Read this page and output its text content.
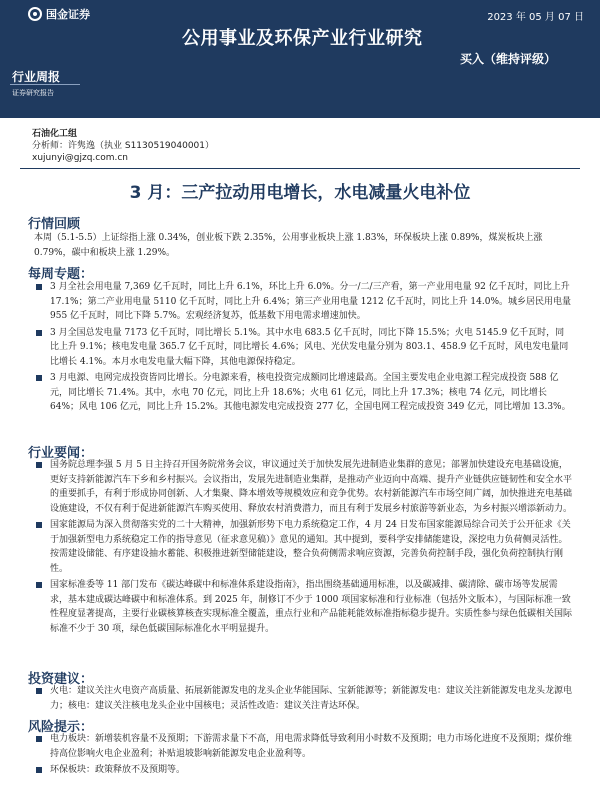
国金证券
公用事业及环保产业行业研究
2023 年 05 月 07 日
买入（维持评级）
行业周报
证券研究报告
石油化工组
分析师：许隽逸（执业 S1130519040001）
xujunyi@gjzq.com.cn
3 月：三产拉动用电增长，水电减量火电补位
行情回顾
本周（5.1-5.5）上证综指上涨 0.34%，创业板下跌 2.35%，公用事业板块上涨 1.83%，环保板块上涨 0.89%，煤炭板块上涨 0.79%，碳中和板块上涨 1.29%。
每周专题：
3 月全社会用电量 7,369 亿千瓦时，同比上升 6.1%，环比上升 6.0%。分一/二/三产看，第一产业用电量 92 亿千瓦时，同比上升 17.1%；第二产业用电量 5110 亿千瓦时，同比上升 6.4%；第三产业用电量 1212 亿千瓦时，同比上升 14.0%。城乡居民用电量 955 亿千瓦时，同比下降 5.7%。宏观经济复苏，低基数下用电需求增速加快。
3 月全国总发电量 7173 亿千瓦时，同比增长 5.1%。其中水电 683.5 亿千瓦时，同比下降 15.5%；火电 5145.9 亿千瓦时，同比上升 9.1%；核电发电量 365.7 亿千瓦时，同比增长 4.6%；风电、光伏发电量分别为 803.1、458.9 亿千瓦时，风电发电量同比增长 4.1%。本月水电发电量大幅下降，其他电源保持稳定。
3 月电源、电网完成投资皆同比增长。分电源来看，核电投资完成额同比增速最高。全国主要发电企业电源工程完成投资 588 亿元，同比增长 71.4%。其中，水电 70 亿元，同比上升 18.6%；火电 61 亿元，同比上升 17.3%；核电 74 亿元，同比增长 64%；风电 106 亿元，同比上升 15.2%。其他电源发电完成投资 277 亿，全国电网工程完成投资 349 亿元，同比增加 13.3%。
行业要闻：
国务院总理李强 5 月 5 日主持召开国务院常务会议，审议通过关于加快发展先进制造业集群的意见；部署加快建设充电基础设施，更好支持新能源汽车下乡和乡村振兴。会议指出，发展先进制造业集群，是推动产业迈向中高端、提升产业链供应链韧性和安全水平的重要抓手，有利于形成协同创新、人才集聚、降本增效等规模效应和竞争优势。农村新能源汽车市场空间广阔，加快推进充电基础设施建设，不仅有利于促进新能源汽车购买使用、释放农村消费潜力，而且有利于发展乡村旅游等新业态，为乡村振兴增添新动力。
国家能源局为深入贯彻落实党的二十大精神，加强新形势下电力系统稳定工作，4 月 24 日发布国家能源局综合司关于公开征求《关于加强新型电力系统稳定工作的指导意见（征求意见稿）》意见的通知。其中提到，要科学安排储能建设，深挖电力负荷侧灵活性。按需建设储能、有序建设抽水蓄能、积极推进新型储能建设，整合负荷侧需求响应资源，完善负荷控制手段，强化负荷控制执行刚性。
国家标准委等 11 部门发布《碳达峰碳中和标准体系建设指南》，指出围绕基础通用标准，以及碳减排、碳清除、碳市场等发展需求，基本建成碳达峰碳中和标准体系。到 2025 年，制修订不少于 1000 项国家标准和行业标准（包括外文版本），与国际标准一致性程度显著提高，主要行业碳核算核查实现标准全覆盖，重点行业和产品能耗能效标准指标稳步提升。实质性参与绿色低碳相关国际标准不少于 30 项，绿色低碳国际标准化水平明显提升。
投资建议：
火电：建议关注火电资产高质量、拓展新能源发电的龙头企业华能国际、宝新能源等；新能源发电：建议关注新能源发电龙头龙源电力；核电：建议关注核电龙头企业中国核电；灵活性改造：建议关注青达环保。
风险提示：
电力板块：新增装机容量不及预期；下游需求量下不高，用电需求降低导致利用小时数不及预期；电力市场化进度不及预期；煤价维持高位影响火电企业盈利；补贴退坡影响新能源发电企业盈利等。
环保板块：政策释放不及预期等。
